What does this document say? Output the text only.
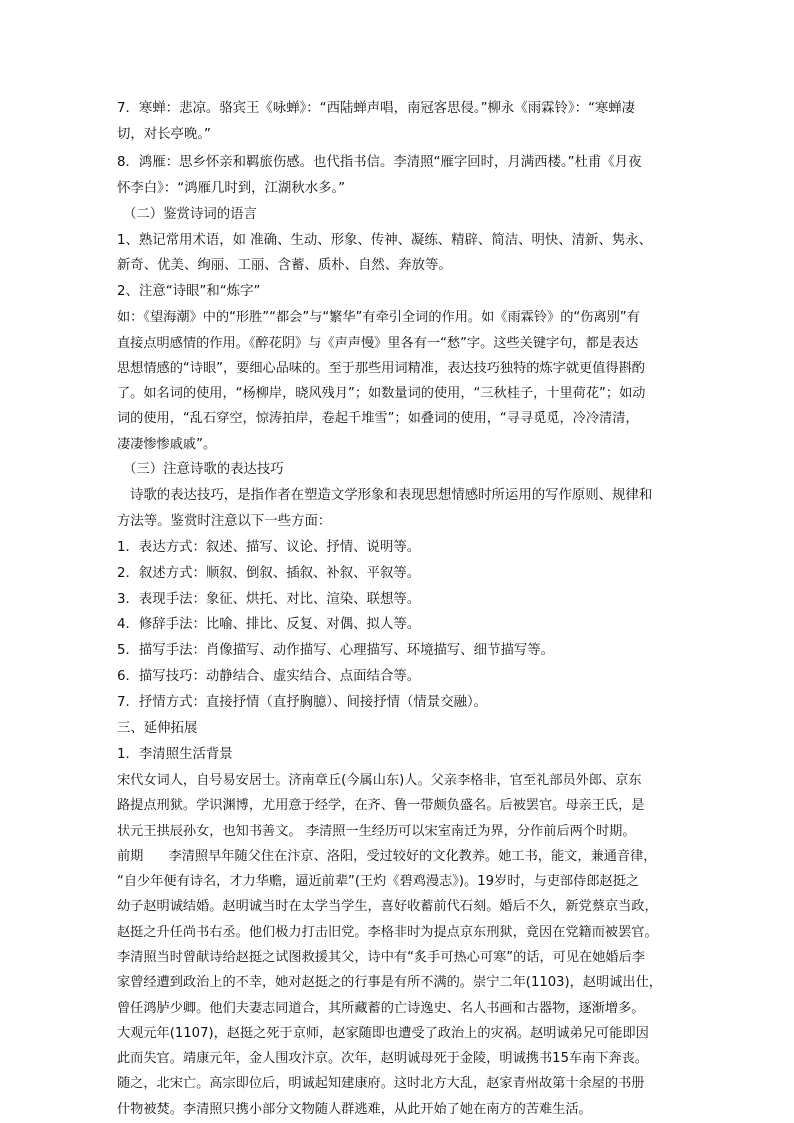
7．寒蝉：悲凉。骆宾王《咏蝉》：“西陆蝉声唱，南冠客思侵。”柳永《雨霖铃》：“寒蝉凄

切，对长亭晚。”

8．鸿雁：思乡怀亲和羁旅伤感。也代指书信。李清照“雁字回时，月满西楼。”杜甫《月夜

怀李白》：“鸿雁几时到，江湖秋水多。”

（二）鉴赏诗词的语言

1、熟记常用术语，如 准确、生动、形象、传神、凝练、精辟、简洁、明快、清新、隽永、

新奇、优美、绚丽、工丽、含蓄、质朴、自然、奔放等。

2、注意“诗眼”和“炼字”

如：《望海潮》中的“形胜”“都会”与“繁华”有牵引全词的作用。如《雨霖铃》的“伤离别”有

直接点明感情的作用。《醉花阴》与《声声慢》里各有一“愁”字。这些关键字句，都是表达

思想情感的“诗眼”，要细心品味的。至于那些用词精准，表达技巧独特的炼字就更值得斟酌

了。如名词的使用，“杨柳岸，晓风残月”；如数量词的使用，“三秋桂子，十里荷花”；如动

词的使用，“乱石穿空，惊涛拍岸，卷起千堆雪”；如叠词的使用，“寻寻觅觅，冷冷清清，

凄凄惨惨戚戚”。

（三）注意诗歌的表达技巧

诗歌的表达技巧，是指作者在塑造文学形象和表现思想情感时所运用的写作原则、规律和

方法等。鉴赏时注意以下一些方面：

1．表达方式：叙述、描写、议论、抒情、说明等。

2．叙述方式：顺叙、倒叙、插叙、补叙、平叙等。

3．表现手法：象征、烘托、对比、渲染、联想等。

4．修辞手法：比喻、排比、反复、对偶、拟人等。

5．描写手法：肖像描写、动作描写、心理描写、环境描写、细节描写等。

6．描写技巧：动静结合、虚实结合、点面结合等。

7．抒情方式：直接抒情（直抒胸臆）、间接抒情（情景交融）。

三、延伸拓展

1．李清照生活背景

宋代女词人，自号易安居士。济南章丘(今属山东)人。父亲李格非，官至礼部员外郎、京东

路提点刑狱。学识渊博，尤用意于经学，在齐、鲁一带颇负盛名。后被罢官。母亲王氏，是

状元王拱辰孙女，也知书善文。 李清照一生经历可以宋室南迁为界，分作前后两个时期。

前期      李清照早年随父住在汴京、洛阳，受过较好的文化教养。她工书，能文，兼通音律，

“自少年便有诗名，才力华赡，逼近前辈”(王灼《碧鸡漫志》)。19岁时，与吏部侍郎赵挺之

幼子赵明诚结婚。赵明诚当时在太学当学生，喜好收蓄前代石刻。婚后不久，新党蔡京当政，

赵挺之升任尚书右丞。他们极力打击旧党。李格非时为提点京东刑狱，竟因在党籍而被罢官。

李清照当时曾献诗给赵挺之试图救援其父，诗中有“炙手可热心可寒”的话，可见在她婚后李

家曾经遭到政治上的不幸，她对赵挺之的行事是有所不满的。崇宁二年(1103)，赵明诚出仕，

曾任鸿胪少卿。他们夫妻志同道合，其所藏蓄的亡诗逸史、名人书画和古器物，逐渐增多。

大观元年(1107)，赵挺之死于京师，赵家随即也遭受了政治上的灾祸。赵明诚弟兄可能即因

此而失官。靖康元年，金人围攻汴京。次年，赵明诚母死于金陵，明诚携书15车南下奔丧。

随之，北宋亡。高宗即位后，明诚起知建康府。这时北方大乱，赵家青州故第十余屋的书册

什物被焚。李清照只携小部分文物随人群逃难，从此开始了她在南方的苦难生活。
